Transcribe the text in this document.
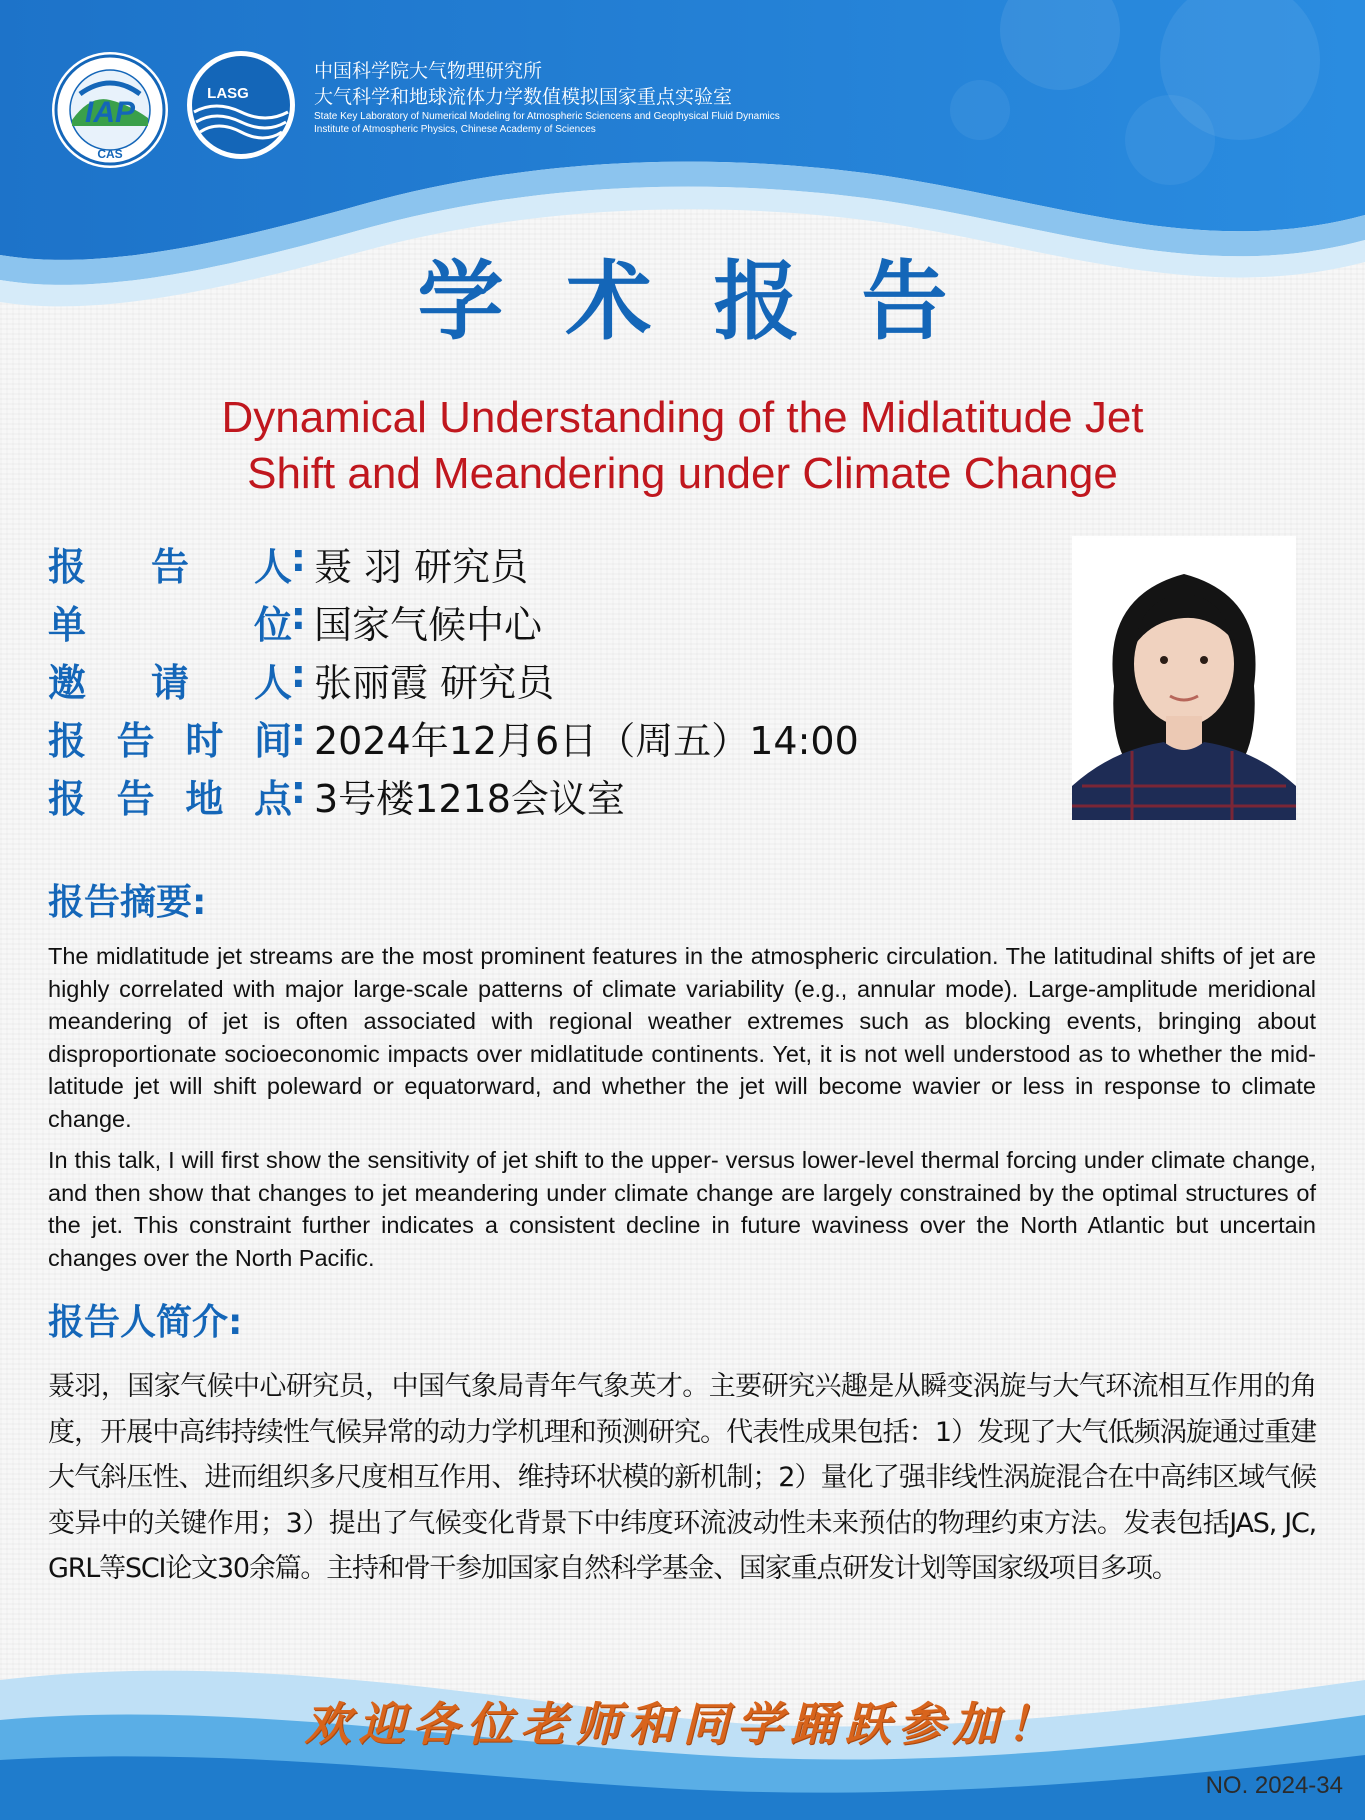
IAP
CAS
LASG
中国科学院大气物理研究所
大气科学和地球流体力学数值模拟国家重点实验室
State Key Laboratory of Numerical Modeling for Atmospheric Sciencens and Geophysical Fluid Dynamics
Institute of Atmospheric Physics, Chinese Academy of Sciences
学术报告
Dynamical Understanding of the Midlatitude Jet
Shift and Meandering under Climate Change
报 告 人
: 聂 羽 研究员
单	位
: 国家气候中心
邀 请 人
: 张丽霞 研究员
报 告 时 间
: 2024年12月6日（周五）14:00
报 告 地 点
: 3号楼1218会议室
报告摘要:

The midlatitude jet streams are the most prominent features in the atmospheric circulation. The latitudinal shifts of jet are highly correlated with major large-scale patterns of climate variability (e.g., annular mode). Large-amplitude meridional meandering of jet is often associated with regional weather extremes such as blocking events, bringing about disproportionate socioeconomic impacts over midlatitude continents. Yet, it is not well understood as to whether the mid-latitude jet will shift poleward or equatorward, and whether the jet will become wavier or less in response to climate change.

In this talk, I will first show the sensitivity of jet shift to the upper- versus lower-level thermal forcing under climate change, and then show that changes to jet meandering under climate change are largely constrained by the optimal structures of the jet. This constraint further indicates a consistent decline in future waviness over the North Atlantic but uncertain changes over the North Pacific.

报告人简介:
聂羽，国家气候中心研究员，中国气象局青年气象英才。主要研究兴趣是从瞬变涡旋与大气环流相互作用的角度，开展中高纬持续性气候异常的动力学机理和预测研究。代表性成果包括：1）发现了大气低频涡旋通过重建大气斜压性、进而组织多尺度相互作用、维持环状模的新机制；2）量化了强非线性涡旋混合在中高纬区域气候变异中的关键作用；3）提出了气候变化背景下中纬度环流波动性未来预估的物理约束方法。发表包括JAS, JC, GRL等SCI论文30余篇。主持和骨干参加国家自然科学基金、国家重点研发计划等国家级项目多项。
欢迎各位老师和同学踊跃参加！
NO. 2024-34
